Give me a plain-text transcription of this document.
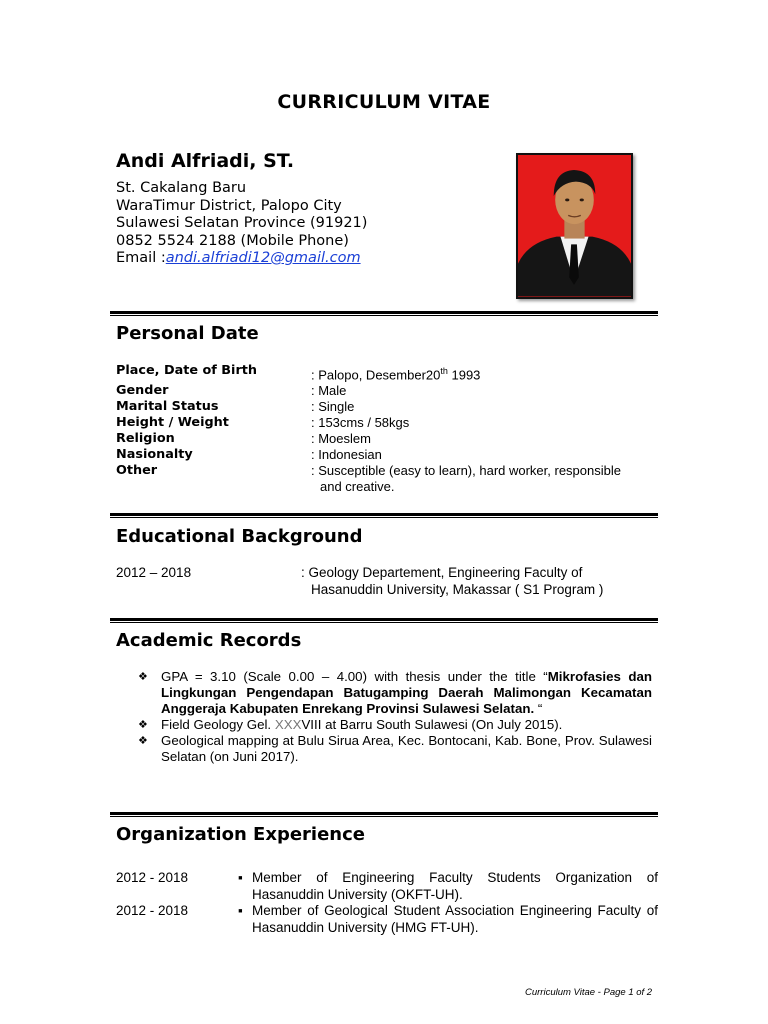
CURRICULUM VITAE
Andi Alfriadi, ST.
St. Cakalang Baru
WaraTimur District, Palopo City
Sulawesi Selatan Province (91921)
0852 5524 2188 (Mobile Phone)
Email :andi.alfriadi12@gmail.com
Personal Date
Place, Date of Birth	: Palopo, Desember20th 1993
Gender	: Male
Marital Status	: Single
Height / Weight	: 153cms / 58kgs
Religion	: Moeslem
Nasionalty	: Indonesian
Other	: Susceptible (easy to learn), hard worker, responsible
and creative.
Educational Background
2012 – 2018	: Geology Departement, Engineering Faculty of
Hasanuddin University, Makassar ( S1 Program )
Academic Records
❖ GPA = 3.10 (Scale 0.00 – 4.00) with thesis under the title “Mikrofasies dan Lingkungan Pengendapan Batugamping Daerah Malimongan Kecamatan Anggeraja Kabupaten Enrekang Provinsi Sulawesi Selatan. “
❖ Field Geology Gel. XXXVIII at Barru South Sulawesi (On July 2015).
❖ Geological mapping at Bulu Sirua Area, Kec. Bontocani, Kab. Bone, Prov. Sulawesi Selatan (on Juni 2017).
Organization Experience
2012 - 2018	▪ Member of Engineering Faculty Students Organization of Hasanuddin University (OKFT-UH).
2012 - 2018	▪ Member of Geological Student Association Engineering Faculty of Hasanuddin University (HMG FT-UH).
Curriculum Vitae - Page 1 of 2
